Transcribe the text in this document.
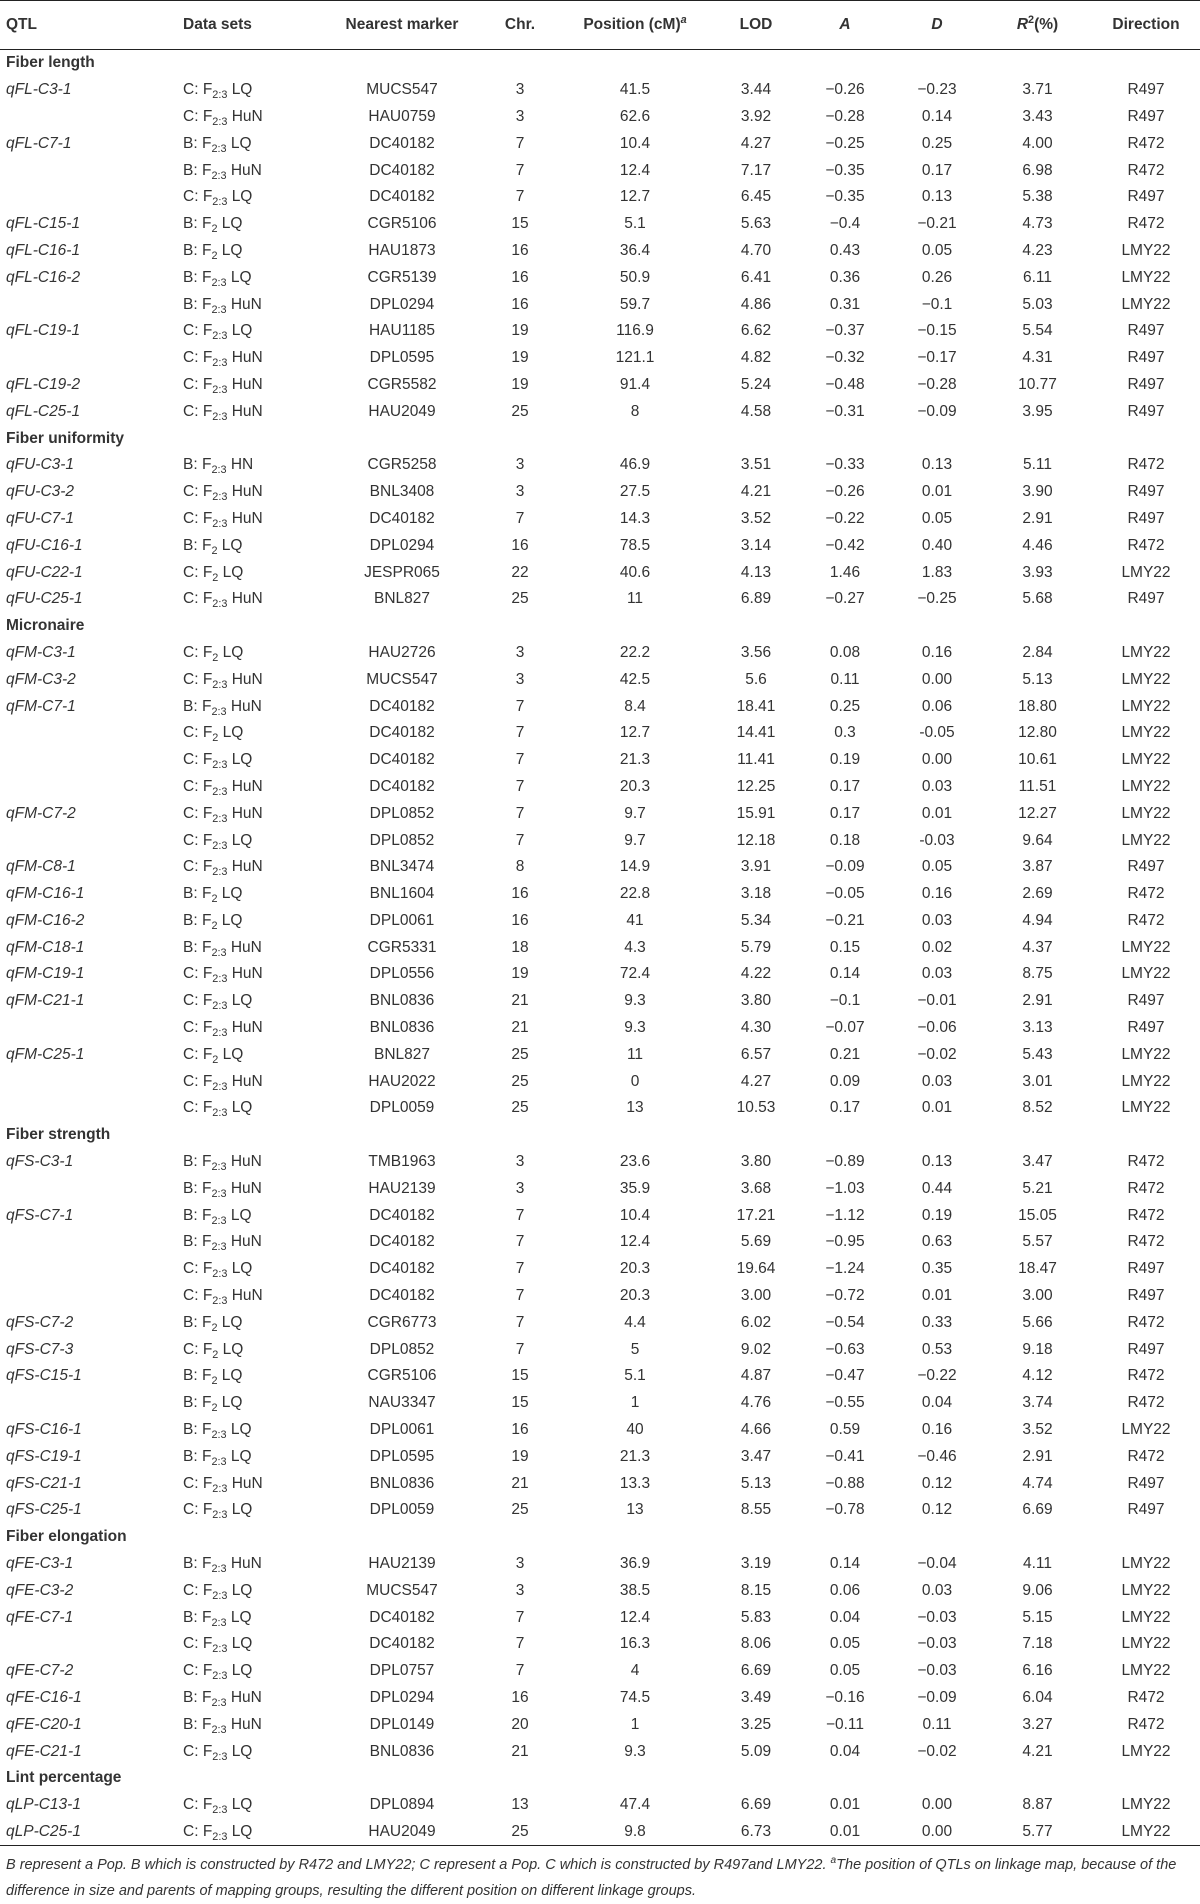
QTL	Data sets	Nearest marker	Chr.	Position (cM)$^a$	LOD	A	D	$R^2(\%)$	Direction
Fiber length									
qFL-C3-1	C: $F_{2:3}$ LQ	MUCS547	3	41.5	3.44	−0.26	−0.23	3.71	R497
	C: $F_{2:3}$ HuN	HAU0759	3	62.6	3.92	−0.28	0.14	3.43	R497
qFL-C7-1	B: $F_{2:3}$ LQ	DC40182	7	10.4	4.27	−0.25	0.25	4.00	R472
	B: $F_{2:3}$ HuN	DC40182	7	12.4	7.17	−0.35	0.17	6.98	R472
	C: $F_{2:3}$ LQ	DC40182	7	12.7	6.45	−0.35	0.13	5.38	R497
qFL-C15-1	B: $F_2$ LQ	CGR5106	15	5.1	5.63	−0.4	−0.21	4.73	R472
qFL-C16-1	B: $F_2$ LQ	HAU1873	16	36.4	4.70	0.43	0.05	4.23	LMY22
qFL-C16-2	B: $F_{2:3}$ LQ	CGR5139	16	50.9	6.41	0.36	0.26	6.11	LMY22
	B: $F_{2:3}$ HuN	DPL0294	16	59.7	4.86	0.31	−0.1	5.03	LMY22
qFL-C19-1	C: $F_{2:3}$ LQ	HAU1185	19	116.9	6.62	−0.37	−0.15	5.54	R497
	C: $F_{2:3}$ HuN	DPL0595	19	121.1	4.82	−0.32	−0.17	4.31	R497
qFL-C19-2	C: $F_{2:3}$ HuN	CGR5582	19	91.4	5.24	−0.48	−0.28	10.77	R497
qFL-C25-1	C: $F_{2:3}$ HuN	HAU2049	25	8	4.58	−0.31	−0.09	3.95	R497
Fiber uniformity									
qFU-C3-1	B: $F_{2:3}$ HN	CGR5258	3	46.9	3.51	−0.33	0.13	5.11	R472
qFU-C3-2	C: $F_{2:3}$ HuN	BNL3408	3	27.5	4.21	−0.26	0.01	3.90	R497
qFU-C7-1	C: $F_{2:3}$ HuN	DC40182	7	14.3	3.52	−0.22	0.05	2.91	R497
qFU-C16-1	B: $F_2$ LQ	DPL0294	16	78.5	3.14	−0.42	0.40	4.46	R472
qFU-C22-1	C: $F_2$ LQ	JESPR065	22	40.6	4.13	1.46	1.83	3.93	LMY22
qFU-C25-1	C: $F_{2:3}$ HuN	BNL827	25	11	6.89	−0.27	−0.25	5.68	R497
Micronaire									
qFM-C3-1	C: $F_2$ LQ	HAU2726	3	22.2	3.56	0.08	0.16	2.84	LMY22
qFM-C3-2	C: $F_{2:3}$ HuN	MUCS547	3	42.5	5.6	0.11	0.00	5.13	LMY22
qFM-C7-1	B: $F_{2:3}$ HuN	DC40182	7	8.4	18.41	0.25	0.06	18.80	LMY22
	C: $F_2$ LQ	DC40182	7	12.7	14.41	0.3	-0.05	12.80	LMY22
	C: $F_{2:3}$ LQ	DC40182	7	21.3	11.41	0.19	0.00	10.61	LMY22
	C: $F_{2:3}$ HuN	DC40182	7	20.3	12.25	0.17	0.03	11.51	LMY22
qFM-C7-2	C: $F_{2:3}$ HuN	DPL0852	7	9.7	15.91	0.17	0.01	12.27	LMY22
	C: $F_{2:3}$ LQ	DPL0852	7	9.7	12.18	0.18	-0.03	9.64	LMY22
qFM-C8-1	C: $F_{2:3}$ HuN	BNL3474	8	14.9	3.91	−0.09	0.05	3.87	R497
qFM-C16-1	B: $F_2$ LQ	BNL1604	16	22.8	3.18	−0.05	0.16	2.69	R472
qFM-C16-2	B: $F_2$ LQ	DPL0061	16	41	5.34	−0.21	0.03	4.94	R472
qFM-C18-1	B: $F_{2:3}$ HuN	CGR5331	18	4.3	5.79	0.15	0.02	4.37	LMY22
qFM-C19-1	C: $F_{2:3}$ HuN	DPL0556	19	72.4	4.22	0.14	0.03	8.75	LMY22
qFM-C21-1	C: $F_{2:3}$ LQ	BNL0836	21	9.3	3.80	−0.1	−0.01	2.91	R497
	C: $F_{2:3}$ HuN	BNL0836	21	9.3	4.30	−0.07	−0.06	3.13	R497
qFM-C25-1	C: $F_2$ LQ	BNL827	25	11	6.57	0.21	−0.02	5.43	LMY22
	C: $F_{2:3}$ HuN	HAU2022	25	0	4.27	0.09	0.03	3.01	LMY22
	C: $F_{2:3}$ LQ	DPL0059	25	13	10.53	0.17	0.01	8.52	LMY22
Fiber strength									
qFS-C3-1	B: $F_{2:3}$ HuN	TMB1963	3	23.6	3.80	−0.89	0.13	3.47	R472
	B: $F_{2:3}$ HuN	HAU2139	3	35.9	3.68	−1.03	0.44	5.21	R472
qFS-C7-1	B: $F_{2:3}$ LQ	DC40182	7	10.4	17.21	−1.12	0.19	15.05	R472
	B: $F_{2:3}$ HuN	DC40182	7	12.4	5.69	−0.95	0.63	5.57	R472
	C: $F_{2:3}$ LQ	DC40182	7	20.3	19.64	−1.24	0.35	18.47	R497
	C: $F_{2:3}$ HuN	DC40182	7	20.3	3.00	−0.72	0.01	3.00	R497
qFS-C7-2	B: $F_2$ LQ	CGR6773	7	4.4	6.02	−0.54	0.33	5.66	R472
qFS-C7-3	C: $F_2$ LQ	DPL0852	7	5	9.02	−0.63	0.53	9.18	R497
qFS-C15-1	B: $F_2$ LQ	CGR5106	15	5.1	4.87	−0.47	−0.22	4.12	R472
	B: $F_2$ LQ	NAU3347	15	1	4.76	−0.55	0.04	3.74	R472
qFS-C16-1	B: $F_{2:3}$ LQ	DPL0061	16	40	4.66	0.59	0.16	3.52	LMY22
qFS-C19-1	B: $F_{2:3}$ LQ	DPL0595	19	21.3	3.47	−0.41	−0.46	2.91	R472
qFS-C21-1	C: $F_{2:3}$ HuN	BNL0836	21	13.3	5.13	−0.88	0.12	4.74	R497
qFS-C25-1	C: $F_{2:3}$ LQ	DPL0059	25	13	8.55	−0.78	0.12	6.69	R497
Fiber elongation									
qFE-C3-1	B: $F_{2:3}$ HuN	HAU2139	3	36.9	3.19	0.14	−0.04	4.11	LMY22
qFE-C3-2	C: $F_{2:3}$ LQ	MUCS547	3	38.5	8.15	0.06	0.03	9.06	LMY22
qFE-C7-1	B: $F_{2:3}$ LQ	DC40182	7	12.4	5.83	0.04	−0.03	5.15	LMY22
	C: $F_{2:3}$ LQ	DC40182	7	16.3	8.06	0.05	−0.03	7.18	LMY22
qFE-C7-2	C: $F_{2:3}$ LQ	DPL0757	7	4	6.69	0.05	−0.03	6.16	LMY22
qFE-C16-1	B: $F_{2:3}$ HuN	DPL0294	16	74.5	3.49	−0.16	−0.09	6.04	R472
qFE-C20-1	B: $F_{2:3}$ HuN	DPL0149	20	1	3.25	−0.11	0.11	3.27	R472
qFE-C21-1	C: $F_{2:3}$ LQ	BNL0836	21	9.3	5.09	0.04	−0.02	4.21	LMY22
Lint percentage									
qLP-C13-1	C: $F_{2:3}$ LQ	DPL0894	13	47.4	6.69	0.01	0.00	8.87	LMY22
qLP-C25-1	C: $F_{2:3}$ LQ	HAU2049	25	9.8	6.73	0.01	0.00	5.77	LMY22
B represent a Pop. B which is constructed by R472 and LMY22; C represent a Pop. C which is constructed by R497and LMY22. $^a$The position of QTLs on linkage map, because of the difference in size and parents of mapping groups, resulting the different position on different linkage groups.
